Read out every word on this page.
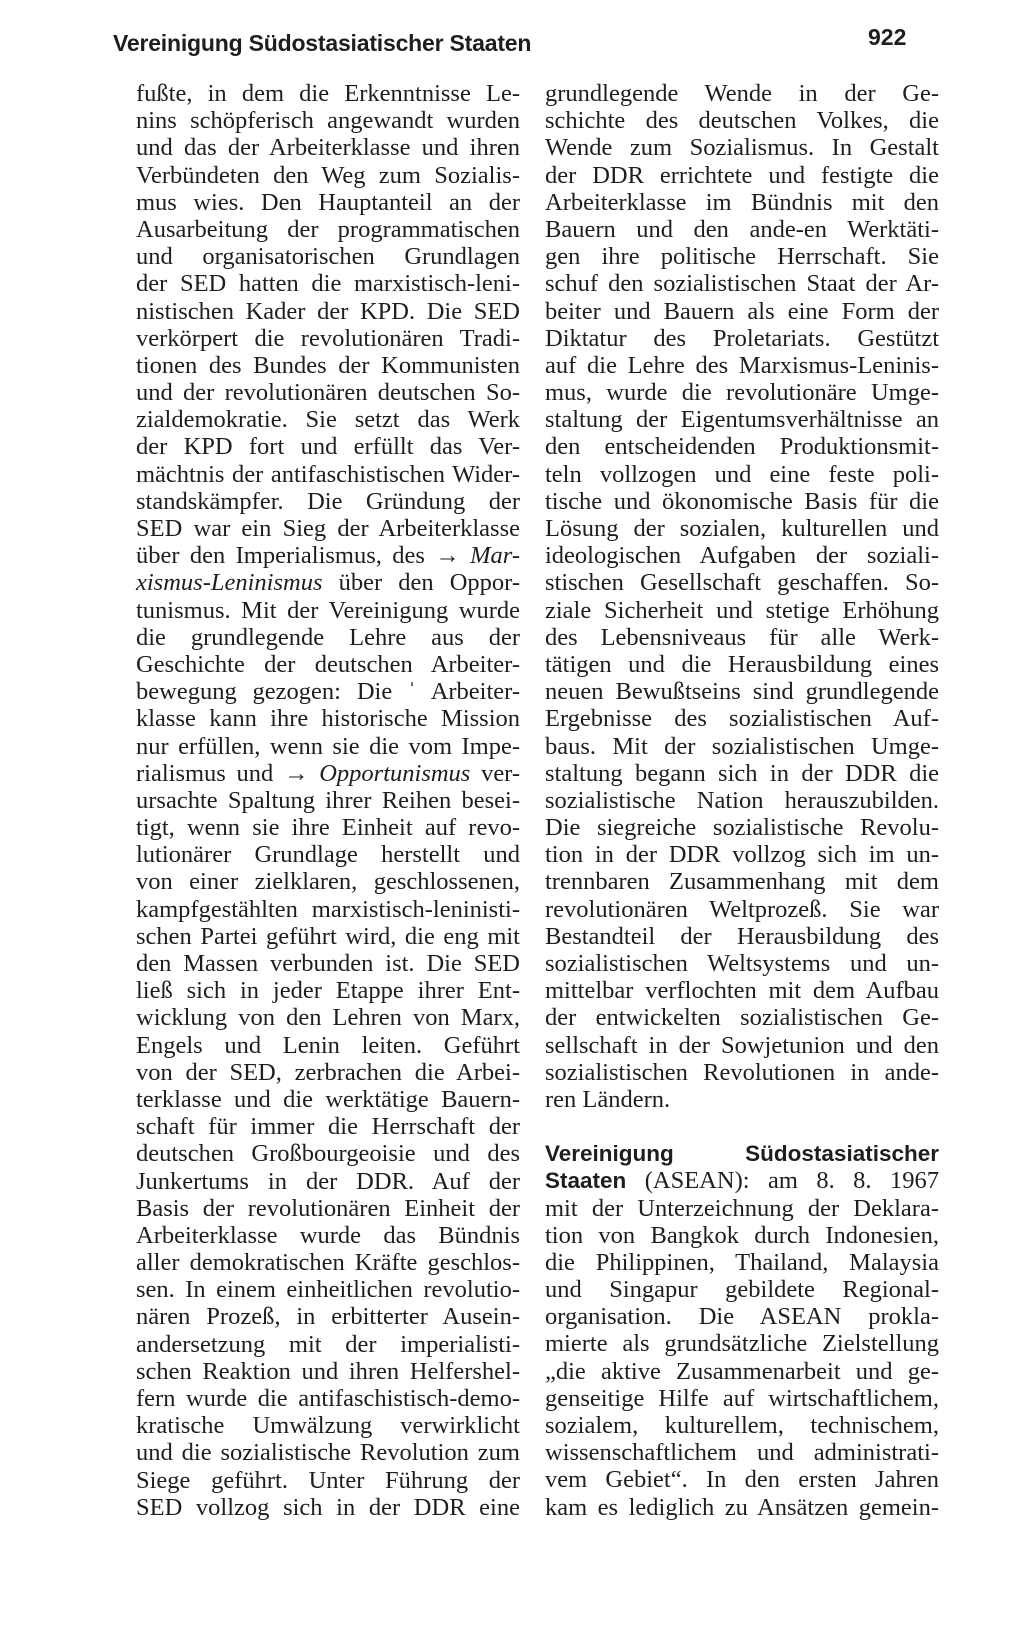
Vereinigung Südostasiatischer Staaten	922
fußte, in dem die Erkenntnisse Le-
nins schöpferisch angewandt wurden
und das der Arbeiterklasse und ihren
Verbündeten den Weg zum Sozialis-
mus wies. Den Hauptanteil an der
Ausarbeitung der programmatischen
und organisatorischen Grundlagen
der SED hatten die marxistisch-leni-
nistischen Kader der KPD. Die SED
verkörpert die revolutionären Tradi-
tionen des Bundes der Kommunisten
und der revolutionären deutschen So-
zialdemokratie. Sie setzt das Werk
der KPD fort und erfüllt das Ver-
mächtnis der antifaschistischen Wider-
standskämpfer. Die Gründung der
SED war ein Sieg der Arbeiterklasse
über den Imperialismus, des → Mar-
xismus-Leninismus über den Oppor-
tunismus. Mit der Vereinigung wurde
die grundlegende Lehre aus der
Geschichte der deutschen Arbeiter-
bewegung gezogen: Die ˈ Arbeiter-
klasse kann ihre historische Mission
nur erfüllen, wenn sie die vom Impe-
rialismus und → Opportunismus ver-
ursachte Spaltung ihrer Reihen besei-
tigt, wenn sie ihre Einheit auf revo-
lutionärer Grundlage herstellt und
von einer zielklaren, geschlossenen,
kampfgestählten marxistisch-leninisti-
schen Partei geführt wird, die eng mit
den Massen verbunden ist. Die SED
ließ sich in jeder Etappe ihrer Ent-
wicklung von den Lehren von Marx,
Engels und Lenin leiten. Geführt
von der SED, zerbrachen die Arbei-
terklasse und die werktätige Bauern-
schaft für immer die Herrschaft der
deutschen Großbourgeoisie und des
Junkertums in der DDR. Auf der
Basis der revolutionären Einheit der
Arbeiterklasse wurde das Bündnis
aller demokratischen Kräfte geschlos-
sen. In einem einheitlichen revolutio-
nären Prozeß, in erbitterter Ausein-
andersetzung mit der imperialisti-
schen Reaktion und ihren Helfershel-
fern wurde die antifaschistisch-demo-
kratische Umwälzung verwirklicht
und die sozialistische Revolution zum
Siege geführt. Unter Führung der
SED vollzog sich in der DDR eine
grundlegende Wende in der Ge-
schichte des deutschen Volkes, die
Wende zum Sozialismus. In Gestalt
der DDR errichtete und festigte die
Arbeiterklasse im Bündnis mit den
Bauern und den ande-en Werktäti-
gen ihre politische Herrschaft. Sie
schuf den sozialistischen Staat der Ar-
beiter und Bauern als eine Form der
Diktatur des Proletariats. Gestützt
auf die Lehre des Marxismus-Leninis-
mus, wurde die revolutionäre Umge-
staltung der Eigentumsverhältnisse an
den entscheidenden Produktionsmit-
teln vollzogen und eine feste poli-
tische und ökonomische Basis für die
Lösung der sozialen, kulturellen und
ideologischen Aufgaben der soziali-
stischen Gesellschaft geschaffen. So-
ziale Sicherheit und stetige Erhöhung
des Lebensniveaus für alle Werk-
tätigen und die Herausbildung eines
neuen Bewußtseins sind grundlegende
Ergebnisse des sozialistischen Auf-
baus. Mit der sozialistischen Umge-
staltung begann sich in der DDR die
sozialistische Nation herauszubilden.
Die siegreiche sozialistische Revolu-
tion in der DDR vollzog sich im un-
trennbaren Zusammenhang mit dem
revolutionären Weltprozeß. Sie war
Bestandteil der Herausbildung des
sozialistischen Weltsystems und un-
mittelbar verflochten mit dem Aufbau
der entwickelten sozialistischen Ge-
sellschaft in der Sowjetunion und den
sozialistischen Revolutionen in ande-
ren Ländern.
Vereinigung	Südostasiatischer
Staaten (ASEAN): am 8. 8. 1967
mit der Unterzeichnung der Deklara-
tion von Bangkok durch Indonesien,
die Philippinen, Thailand, Malaysia
und Singapur gebildete Regional-
organisation. Die ASEAN prokla-
mierte als grundsätzliche Zielstellung
„die aktive Zusammenarbeit und ge-
genseitige Hilfe auf wirtschaftlichem,
sozialem, kulturellem, technischem,
wissenschaftlichem und administrati-
vem Gebiet“. In den ersten Jahren
kam es lediglich zu Ansätzen gemein-
